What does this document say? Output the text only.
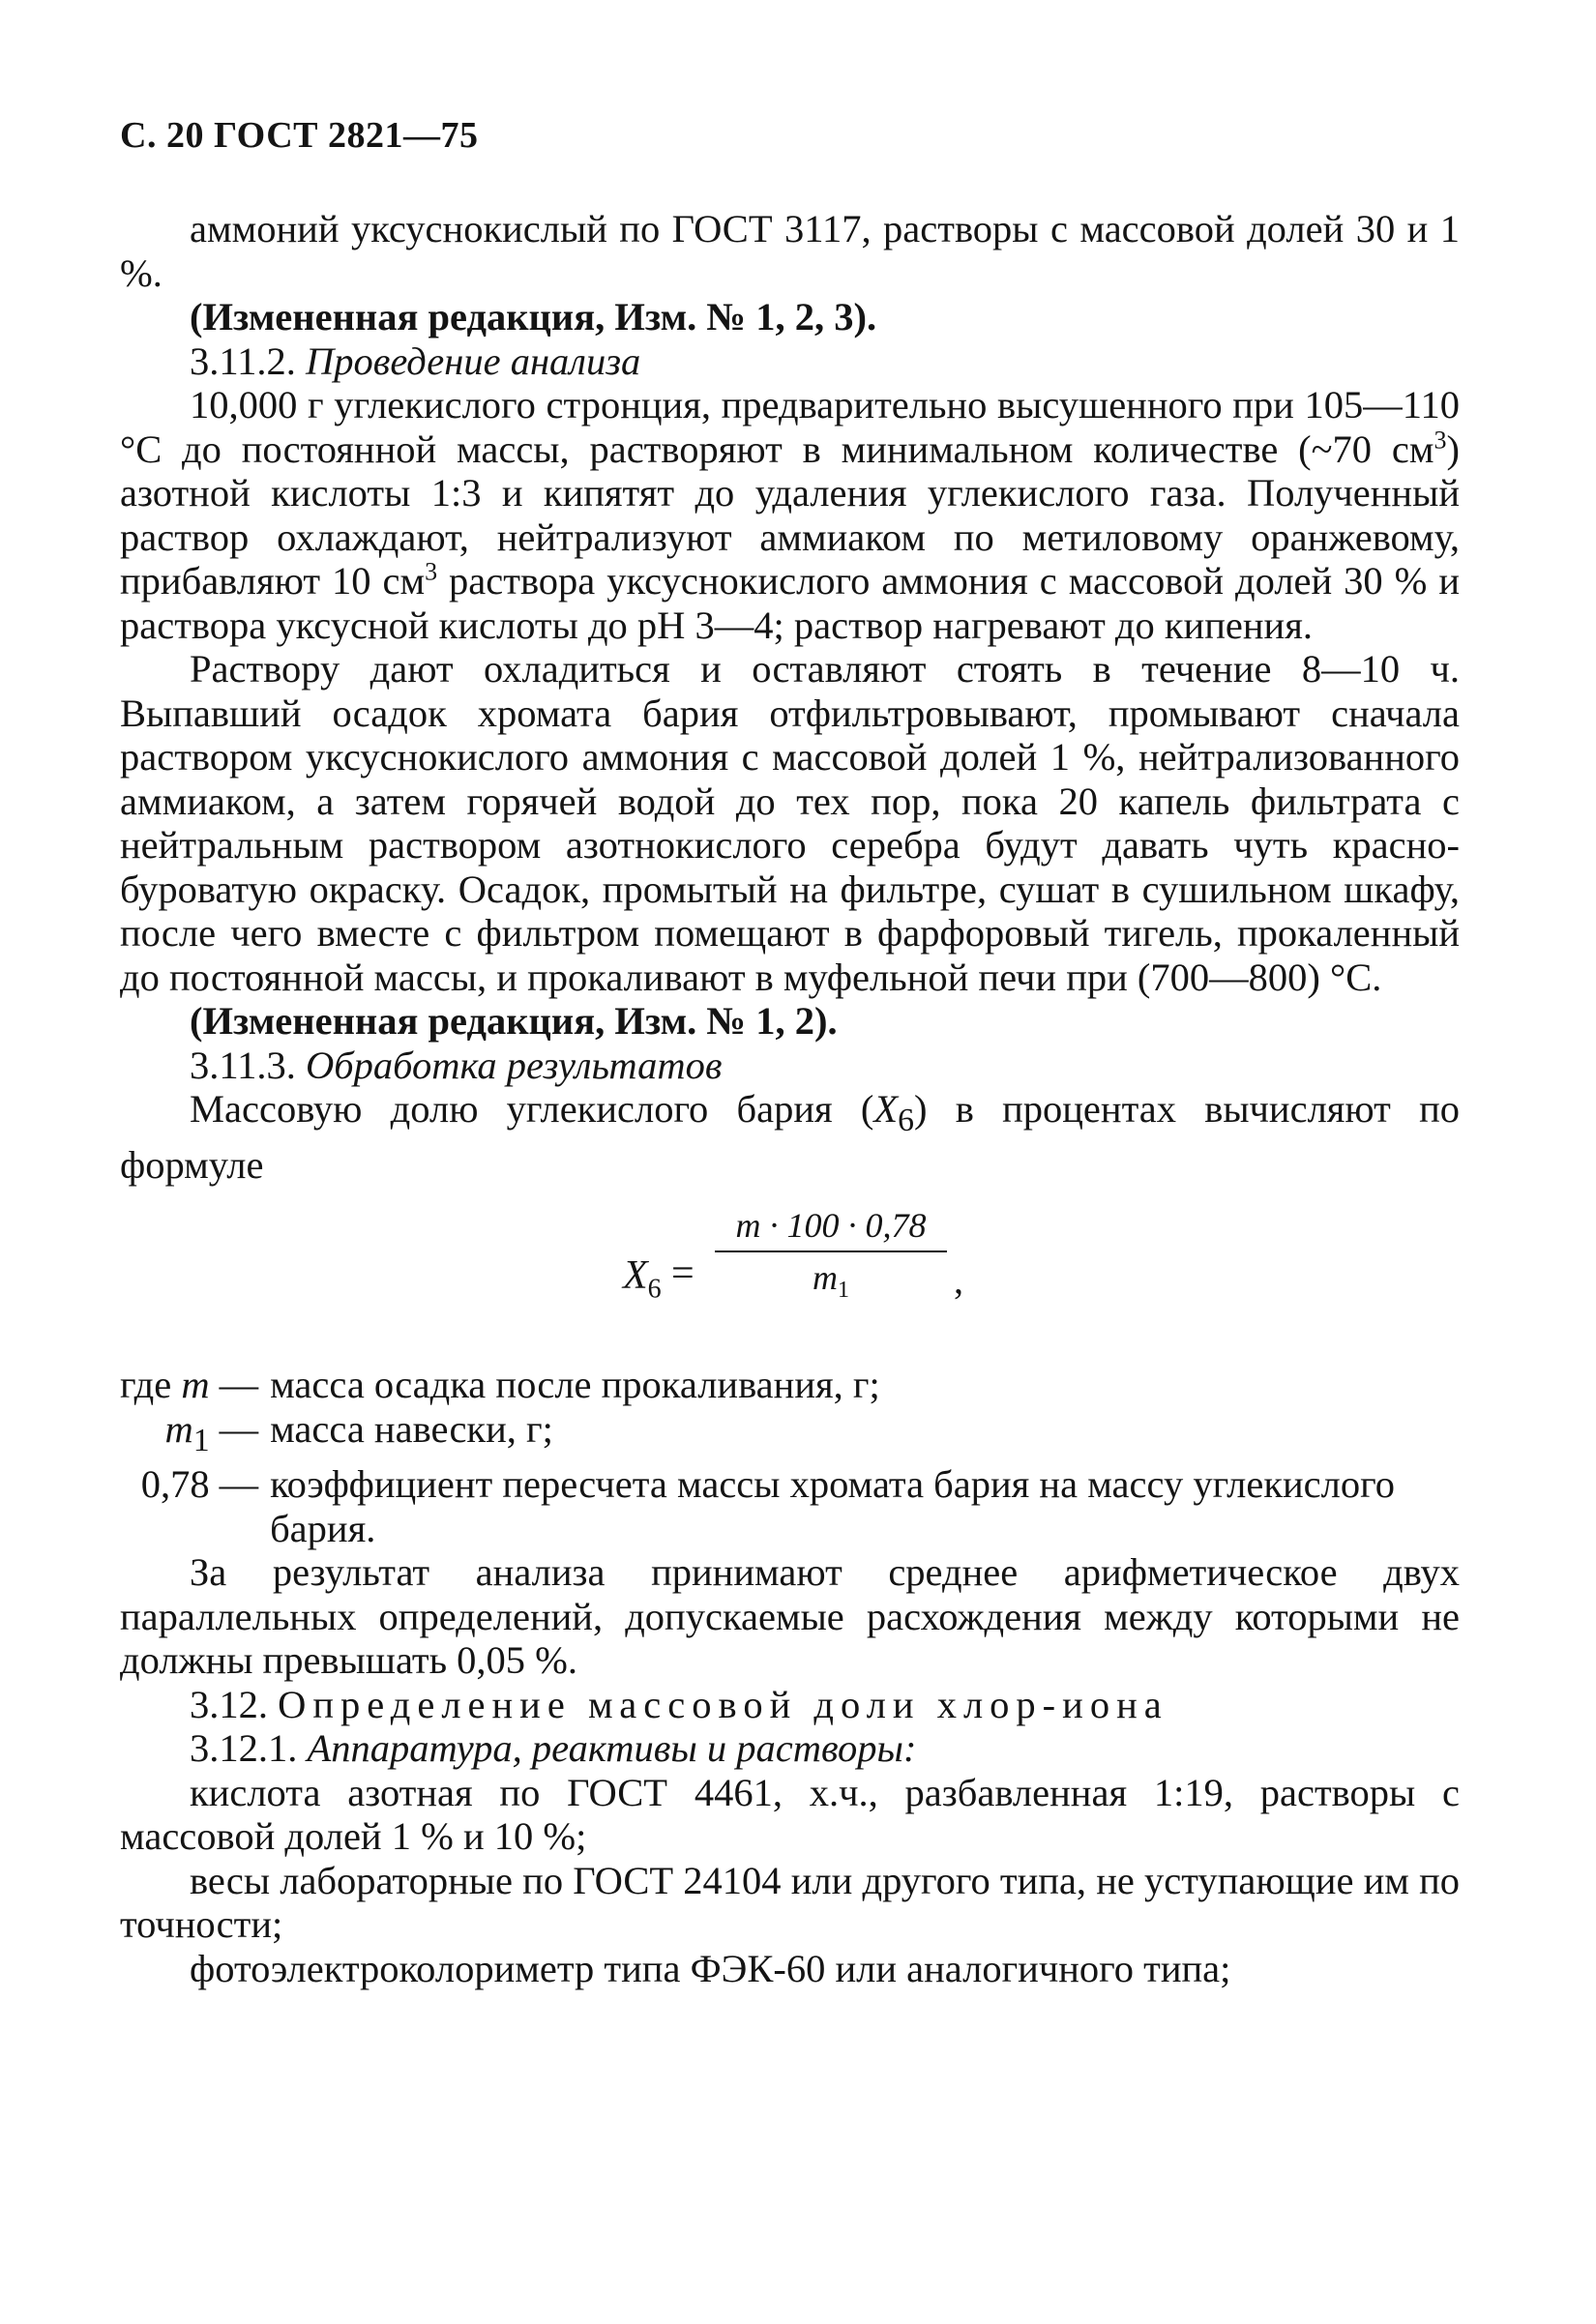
С. 20 ГОСТ 2821—75

аммоний уксуснокислый по ГОСТ 3117, растворы с массовой долей 30 и 1 %.

(Измененная редакция, Изм. № 1, 2, 3).

3.11.2. Проведение анализа

10,000 г углекислого стронция, предварительно высушенного при 105—110 °С до постоянной массы, растворяют в минимальном количестве (~70 $см^3$) азотной кислоты 1:3 и кипятят до удаления углекислого газа. Полученный раствор охлаждают, нейтрализуют аммиаком по метиловому оранжевому, прибавляют 10 $см^3$ раствора уксуснокислого аммония с массовой долей 30 % и раствора уксусной кислоты до pH 3—4; раствор нагревают до кипения.

Раствору дают охладиться и оставляют стоять в течение 8—10 ч. Выпавший осадок хромата бария отфильтровывают, промывают сначала раствором уксуснокислого аммония с массовой долей 1 %, нейтрализованного аммиаком, а затем горячей водой до тех пор, пока 20 капель фильтрата с нейтральным раствором азотнокислого серебра будут давать чуть красно-буроватую окраску. Осадок, промытый на фильтре, сушат в сушильном шкафу, после чего вместе с фильтром помещают в фарфоровый тигель, прокаленный до постоянной массы, и прокаливают в муфельной печи при (700—800) °С.

(Измененная редакция, Изм. № 1, 2).

3.11.3. Обработка результатов

Массовую долю углекислого бария $(X_6)$ в процентах вычисляют по формуле

$X_6 = \frac{m \cdot 100 \cdot 0,78}{m_1}$ ,
где m	—	масса осадка после прокаливания, г;
$m_1$	—	масса навески, г;
0,78	—	коэффициент пересчета массы хромата бария на массу углекислого бария.

За результат анализа принимают среднее арифметическое двух параллельных определений, допускаемые расхождения между которыми не должны превышать 0,05 %.

3.12. Определение массовой доли хлор-иона

3.12.1. Аппаратура, реактивы и растворы:

кислота азотная по ГОСТ 4461, х.ч., разбавленная 1:19, растворы с массовой долей 1 % и 10 %;

весы лабораторные по ГОСТ 24104 или другого типа, не уступающие им по точности;

фотоэлектроколориметр типа ФЭК-60 или аналогичного типа;
